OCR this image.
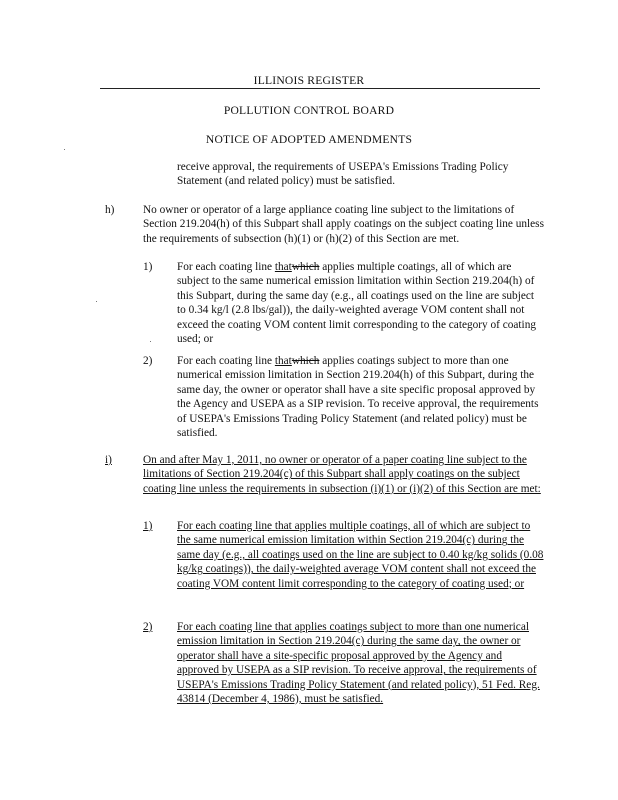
ILLINOIS REGISTER
POLLUTION CONTROL BOARD
NOTICE OF ADOPTED AMENDMENTS

receive approval, the requirements of USEPA's Emissions Trading Policy Statement (and related policy) must be satisfied.

h)	No owner or operator of a large appliance coating line subject to the limitations of Section 219.204(h) of this Subpart shall apply coatings on the subject coating line unless the requirements of subsection (h)(1) or (h)(2) of this Section are met.

1) For each coating line thatwhich applies multiple coatings, all of which are subject to the same numerical emission limitation within Section 219.204(h) of this Subpart, during the same day (e.g., all coatings used on the line are subject to 0.34 kg/l (2.8 lbs/gal)), the daily-weighted average VOM content shall not exceed the coating VOM content limit corresponding to the category of coating used; or

2) For each coating line thatwhich applies coatings subject to more than one numerical emission limitation in Section 219.204(h) of this Subpart, during the same day, the owner or operator shall have a site specific proposal approved by the Agency and USEPA as a SIP revision. To receive approval, the requirements of USEPA's Emissions Trading Policy Statement (and related policy) must be satisfied.

i)	On and after May 1, 2011, no owner or operator of a paper coating line subject to the limitations of Section 219.204(c) of this Subpart shall apply coatings on the subject coating line unless the requirements in subsection (i)(1) or (i)(2) of this Section are met:

1) For each coating line that applies multiple coatings, all of which are subject to the same numerical emission limitation within Section 219.204(c) during the same day (e.g., all coatings used on the line are subject to 0.40 kg/kg solids (0.08 kg/kg coatings)), the daily-weighted average VOM content shall not exceed the coating VOM content limit corresponding to the category of coating used; or

2) For each coating line that applies coatings subject to more than one numerical emission limitation in Section 219.204(c) during the same day, the owner or operator shall have a site-specific proposal approved by the Agency and approved by USEPA as a SIP revision. To receive approval, the requirements of USEPA's Emissions Trading Policy Statement (and related policy), 51 Fed. Reg. 43814 (December 4, 1986), must be satisfied.
